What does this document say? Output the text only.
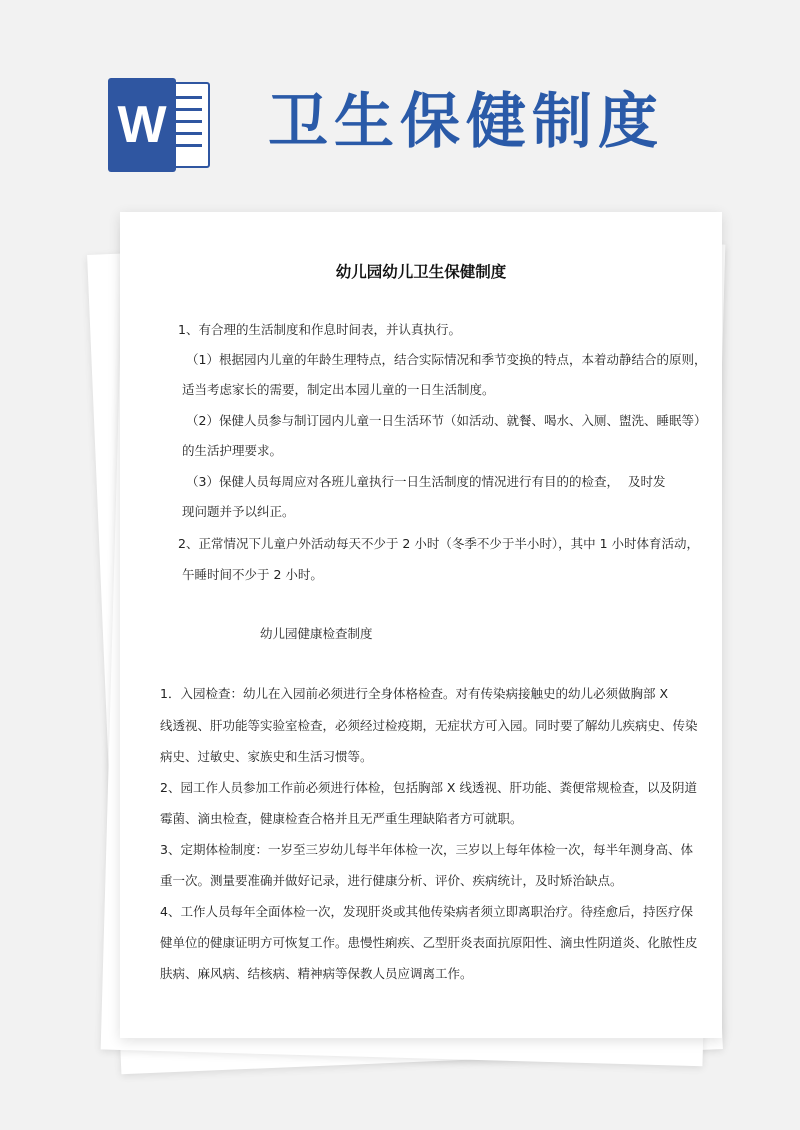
W 卫生保健制度
幼儿园幼儿卫生保健制度
1、有合理的生活制度和作息时间表，并认真执行。
（1）根据园内儿童的年龄生理特点，结合实际情况和季节变换的特点，本着动静结合的原则，
适当考虑家长的需要，制定出本园儿童的一日生活制度。
（2）保健人员参与制订园内儿童一日生活环节（如活动、就餐、喝水、入厕、盥洗、睡眠等）
的生活护理要求。
（3）保健人员每周应对各班儿童执行一日生活制度的情况进行有目的的检查， 及时发
现问题并予以纠正。
2、正常情况下儿童户外活动每天不少于 2 小时（冬季不少于半小时），其中 1 小时体育活动，
午睡时间不少于 2 小时。
幼儿园健康检查制度
1．入园检查：幼儿在入园前必须进行全身体格检查。对有传染病接触史的幼儿必须 做胸部 X
线透视、肝功能等实验室检查，必须经过检疫期，无症状方可入园。同时要了解幼儿疾病史、传染
病史、过敏史、家族史和生活习惯等。
2、园工作人员参加工作前必须进行体检，包括胸部 X 线透视、肝功能、粪便常规检查，以及阴道
霉菌、滴虫检查，健康检查合格并且无严重生理缺陷者方可就职。
3、定期体检制度：一岁至三岁幼儿每半年体检一次，三岁以上每年体检一次，每半年测身高、体
重一次。测量要准确并做好记录，进行健康分析、评价、疾病统计，及时矫治缺点。
4、工作人员每年全面体检一次，发现肝炎或其他传染病者须立即离职治疗。待痊愈后，持医疗保
健单位的健康证明方可恢复工作。患慢性痢疾、乙型肝炎表面抗原阳性、滴虫性阴道炎、化脓性皮
肤病、麻风病、结核病、精神病等保教人员应调离工作。
